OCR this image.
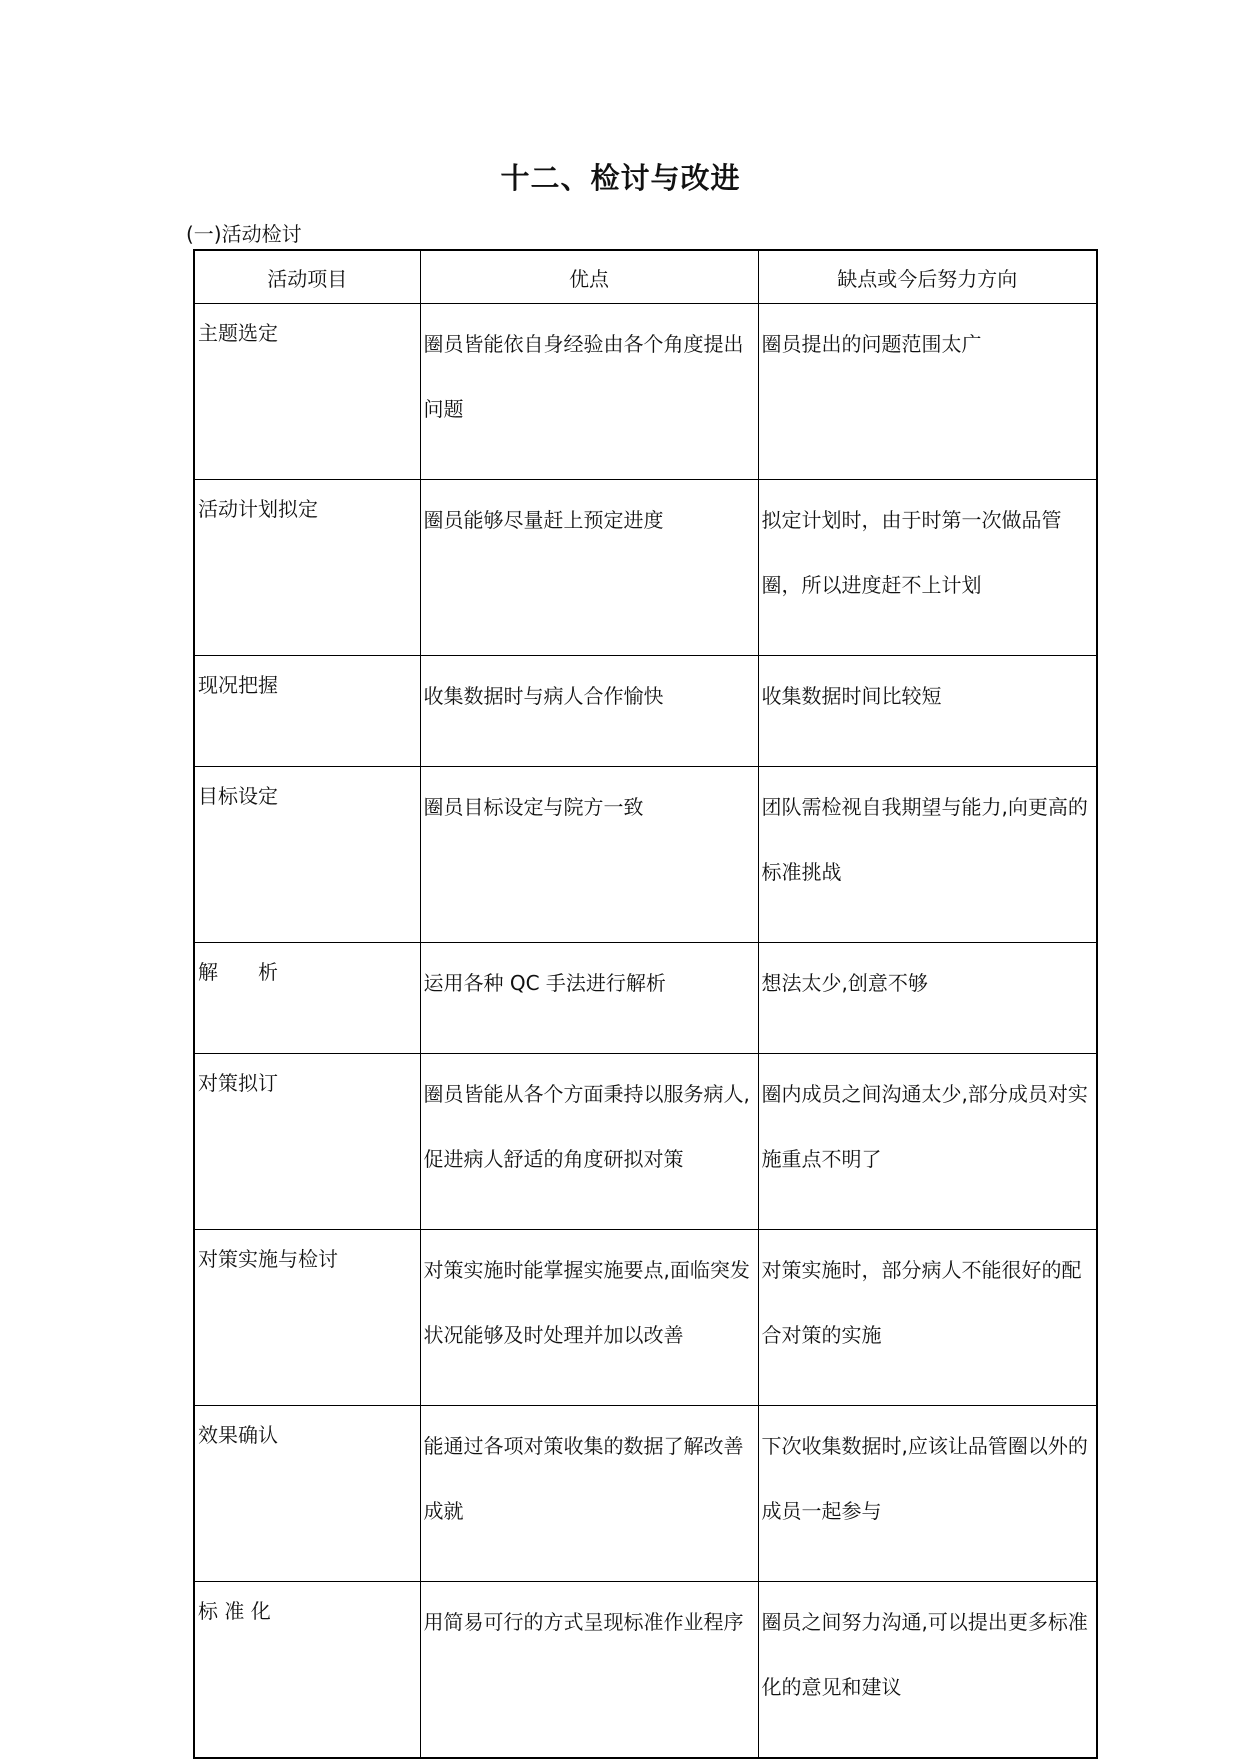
十二、检讨与改进

(一)活动检讨

活动项目	优点	缺点或今后努力方向
主题选定	圈员皆能依自身经验由各个角度提出问题	圈员提出的问题范围太广

活动计划拟定	圈员能够尽量赶上预定进度	拟定计划时，由于时第一次做品管圈，所以进度赶不上计划

现况把握	收集数据时与病人合作愉快	收集数据时间比较短

目标设定	圈员目标设定与院方一致	团队需检视自我期望与能力,向更高的标准挑战

解　　析	运用各种 QC 手法进行解析	想法太少,创意不够

对策拟订	圈员皆能从各个方面秉持以服务病人,促进病人舒适的角度研拟对策	圈内成员之间沟通太少,部分成员对实施重点不明了

对策实施与检讨	对策实施时能掌握实施要点,面临突发状况能够及时处理并加以改善	对策实施时，部分病人不能很好的配合对策的实施

效果确认	能通过各项对策收集的数据了解改善成就	下次收集数据时,应该让品管圈以外的成员一起参与

标 准 化	用简易可行的方式呈现标准作业程序	圈员之间努力沟通,可以提出更多标准化的意见和建议
